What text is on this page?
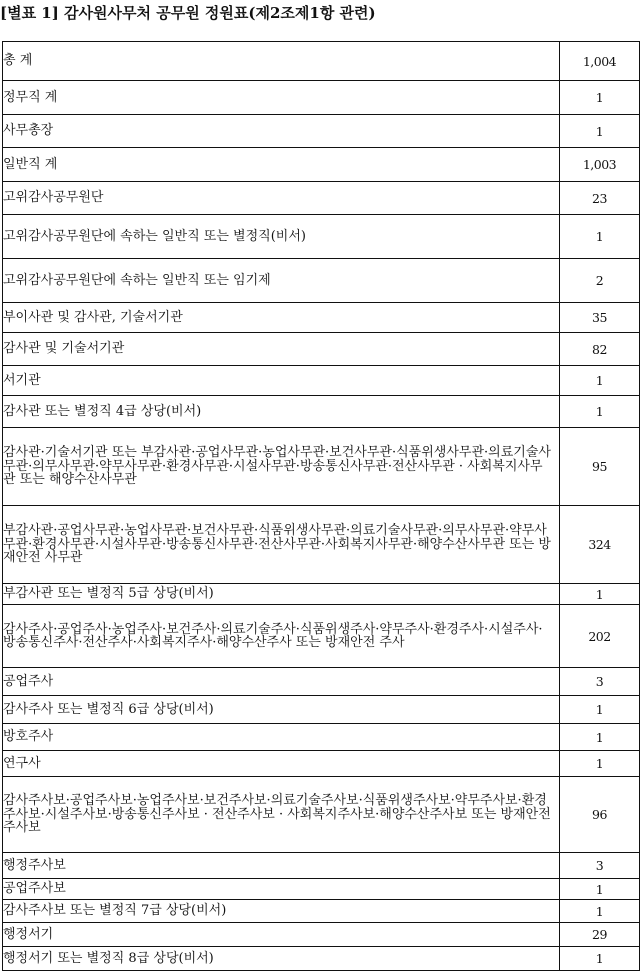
[별표 1] 감사원사무처 공무원 정원표(제2조제1항 관련)
총 계	1,004
정무직 계	1
사무총장	1
일반직 계	1,003
고위감사공무원단	23
고위감사공무원단에 속하는 일반직 또는 별정직(비서)	1
고위감사공무원단에 속하는 일반직 또는 임기제	2
부이사관 및 감사관, 기술서기관	35
감사관 및 기술서기관	82
서기관	1
감사관 또는 별정직 4급 상당(비서)	1
감사관·기술서기관 또는 부감사관·공업사무관·농업사무관·보건사무관·식품위생사무관·의료기술사무관·의무사무관·약무사무관·환경사무관·시설사무관·방송통신사무관·전산사무관 · 사회복지사무관 또는 해양수산사무관	95
부감사관·공업사무관·농업사무관·보건사무관·식품위생사무관·의료기술사무관·의무사무관·약무사무관·환경사무관·시설사무관·방송통신사무관·전산사무관·사회복지사무관·해양수산사무관 또는 방재안전 사무관	324
부감사관 또는 별정직 5급 상당(비서)	1
감사주사·공업주사·농업주사·보건주사·의료기술주사·식품위생주사·약무주사·환경주사·시설주사·방송통신주사·전산주사·사회복지주사·해양수산주사 또는 방재안전 주사	202
공업주사	3
감사주사 또는 별정직 6급 상당(비서)	1
방호주사	1
연구사	1
감사주사보·공업주사보·농업주사보·보건주사보·의료기술주사보·식품위생주사보·약무주사보·환경주사보·시설주사보·방송통신주사보 · 전산주사보 · 사회복지주사보·해양수산주사보 또는 방재안전주사보	96
행정주사보	3
공업주사보	1
감사주사보 또는 별정직 7급 상당(비서)	1
행정서기	29
행정서기 또는 별정직 8급 상당(비서)	1
